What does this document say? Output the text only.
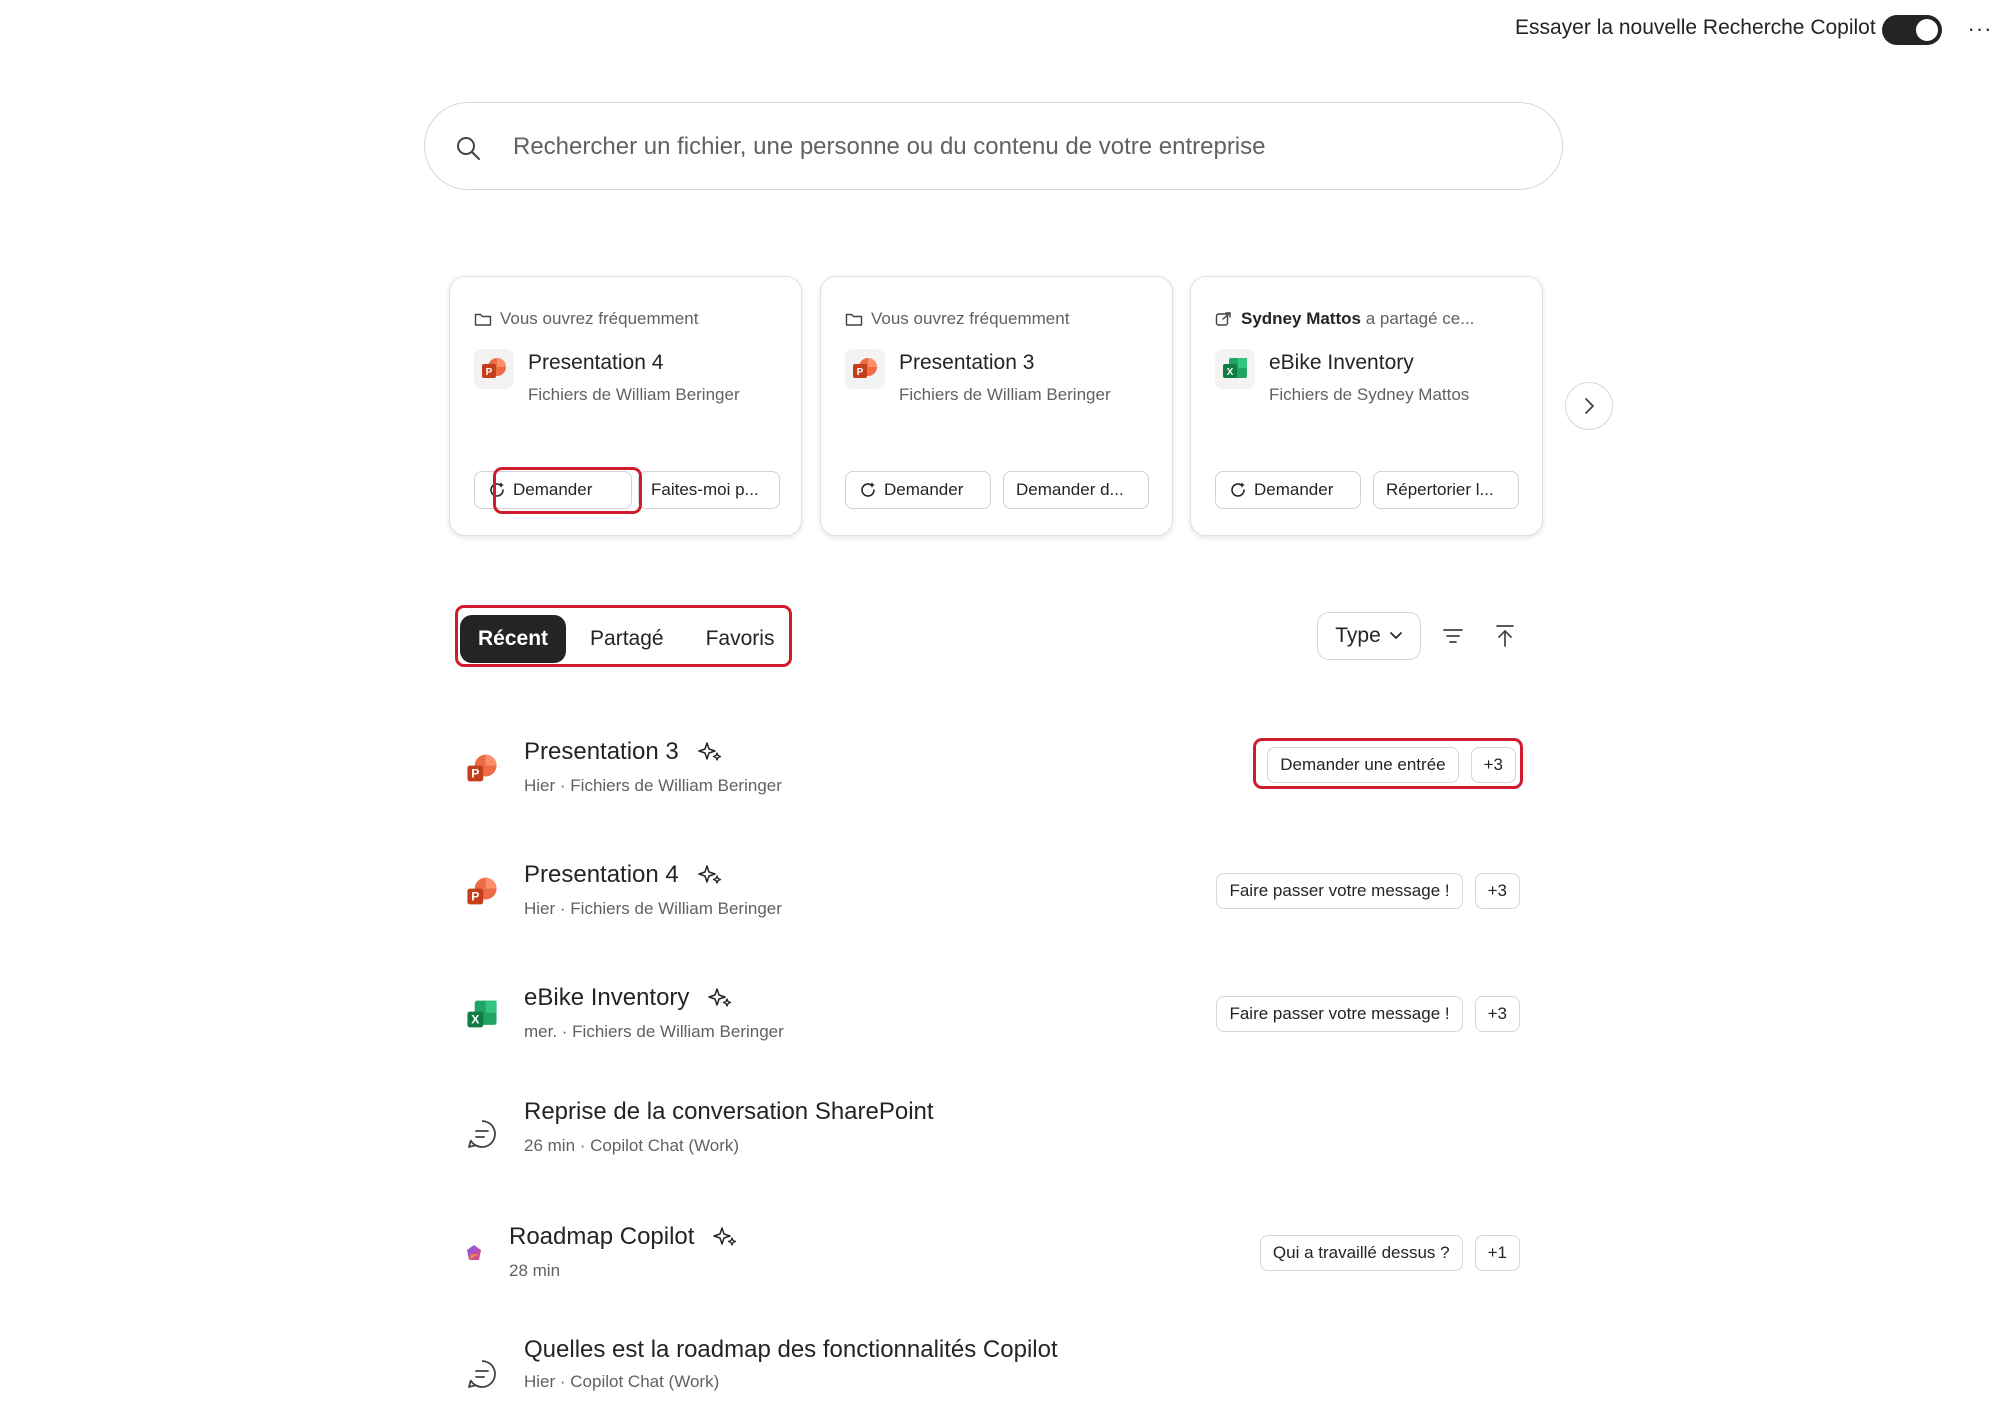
Essayer la nouvelle Recherche Copilot	···
Rechercher un fichier, une personne ou du contenu de votre entreprise
Vous ouvrez fréquemment
P Presentation 4
Fichiers de William Beringer
Demander	Faites-moi p...
Vous ouvrez fréquemment
P Presentation 3
Fichiers de William Beringer
Demander	Demander d...
Sydney Mattos a partagé ce...
X eBike Inventory
Fichiers de Sydney Mattos
Demander	Répertorier l...
Récent	Partagé	Favoris	Type
P
Presentation 3
Hier · Fichiers de William Beringer
Demander une entrée	+3
P
Presentation 4
Hier · Fichiers de William Beringer
Faire passer votre message !	+3
X
eBike Inventory
mer. · Fichiers de William Beringer
Faire passer votre message !	+3
Reprise de la conversation SharePoint
26 min · Copilot Chat (Work)
Roadmap Copilot
28 min
Qui a travaillé dessus ?	+1
Quelles est la roadmap des fonctionnalités Copilot
Hier · Copilot Chat (Work)
